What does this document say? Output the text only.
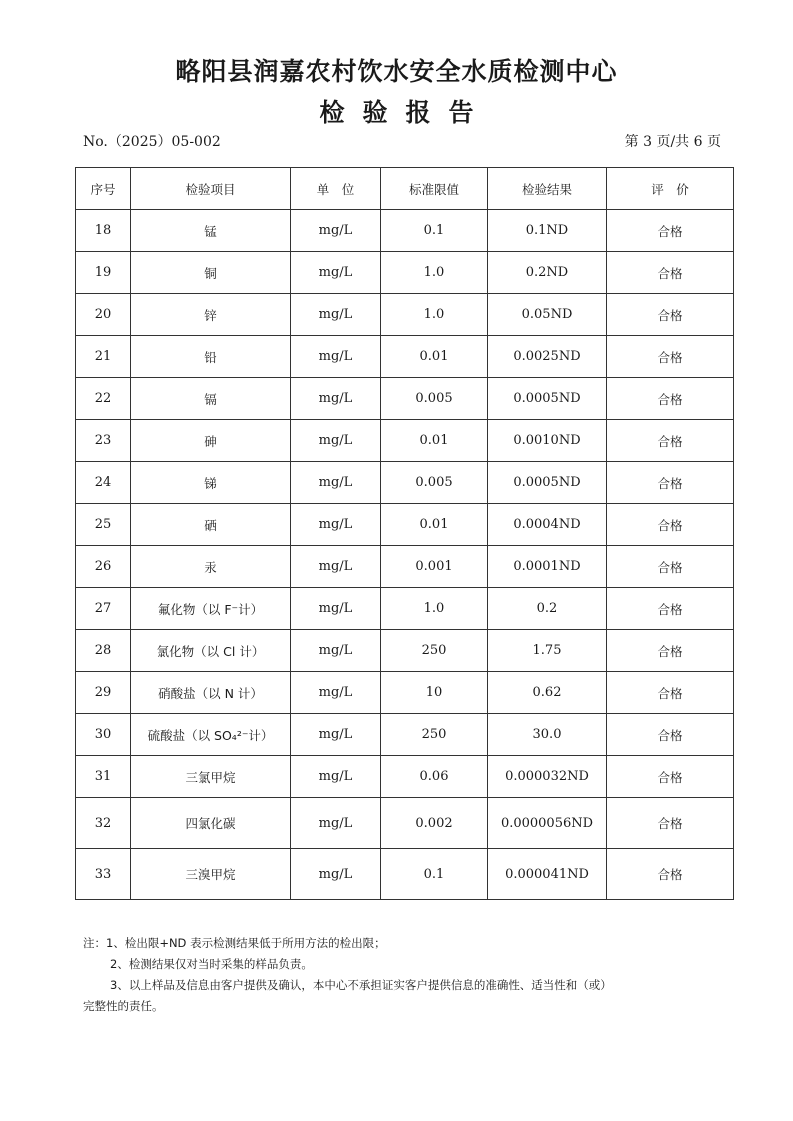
略阳县润嘉农村饮水安全水质检测中心
检验报告
No.（2025）05-002	第 3 页/共 6 页
序号	检验项目	单　位	标准限值	检验结果	评　价
18	锰	mg/L	0.1	0.1ND	合格
19	铜	mg/L	1.0	0.2ND	合格
20	锌	mg/L	1.0	0.05ND	合格
21	铅	mg/L	0.01	0.0025ND	合格
22	镉	mg/L	0.005	0.0005ND	合格
23	砷	mg/L	0.01	0.0010ND	合格
24	锑	mg/L	0.005	0.0005ND	合格
25	硒	mg/L	0.01	0.0004ND	合格
26	汞	mg/L	0.001	0.0001ND	合格
27	氟化物（以 F⁻计）	mg/L	1.0	0.2	合格
28	氯化物（以 Cl 计）	mg/L	250	1.75	合格
29	硝酸盐（以 N 计）	mg/L	10	0.62	合格
30	硫酸盐（以 SO₄²⁻计）	mg/L	250	30.0	合格
31	三氯甲烷	mg/L	0.06	0.000032ND	合格
32	四氯化碳	mg/L	0.002	0.0000056ND	合格
33	三溴甲烷	mg/L	0.1	0.000041ND	合格

注：1、检出限+ND 表示检测结果低于所用方法的检出限；

2、检测结果仅对当时采集的样品负责。

3、以上样品及信息由客户提供及确认，本中心不承担证实客户提供信息的准确性、适当性和（或）

完整性的责任。
